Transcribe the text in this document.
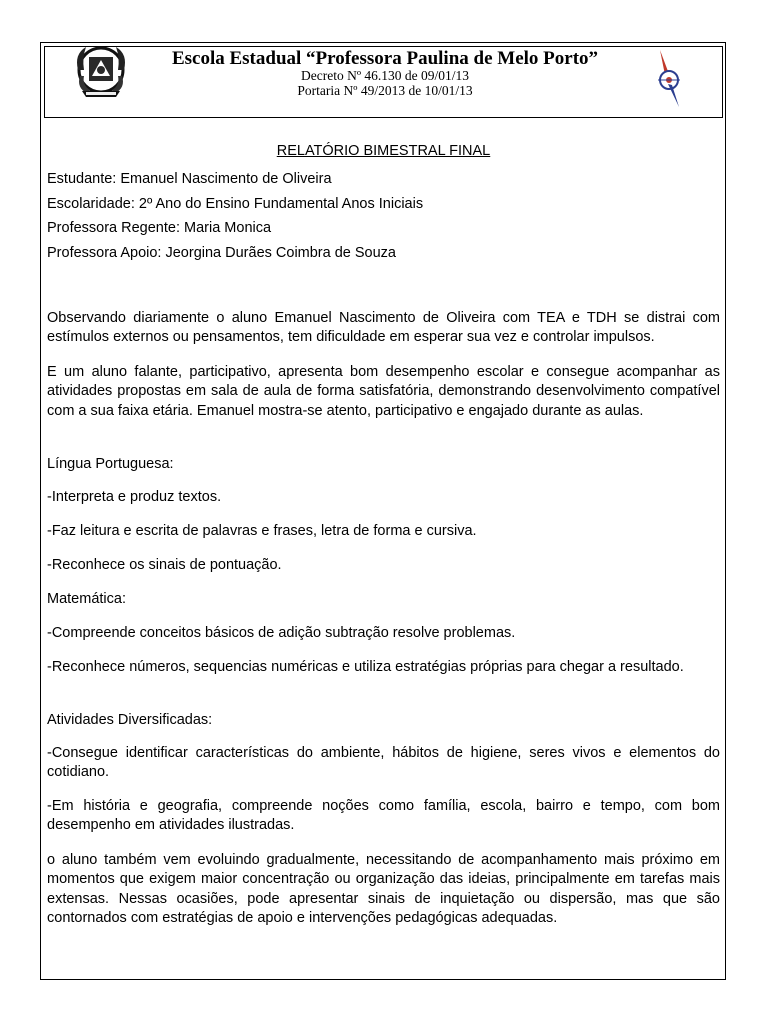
Escola Estadual “Professora Paulina de Melo Porto”
Decreto Nº 46.130 de 09/01/13
Portaria Nº 49/2013 de 10/01/13
RELATÓRIO BIMESTRAL FINAL
Estudante: Emanuel Nascimento de Oliveira
Escolaridade: 2º Ano do Ensino Fundamental Anos Iniciais
Professora Regente: Maria Monica
Professora Apoio: Jeorgina Durães Coimbra de Souza
Observando diariamente o aluno Emanuel Nascimento de Oliveira com TEA e TDH se distrai com estímulos externos ou pensamentos, tem dificuldade em esperar sua vez e controlar impulsos.
E um aluno falante, participativo, apresenta bom desempenho escolar e consegue acompanhar as atividades propostas em sala de aula de forma satisfatória, demonstrando desenvolvimento compatível com a sua faixa etária. Emanuel mostra-se atento, participativo e engajado durante as aulas.
Língua Portuguesa:
-Interpreta e produz textos.
-Faz leitura e escrita de palavras e frases, letra de forma e cursiva.
-Reconhece os sinais de pontuação.
Matemática:
-Compreende conceitos básicos de adição subtração resolve problemas.
-Reconhece números, sequencias numéricas e utiliza estratégias próprias para chegar a resultado.
Atividades Diversificadas:
-Consegue identificar características do ambiente, hábitos de higiene, seres vivos e elementos do cotidiano.
-Em história e geografia, compreende noções como família, escola, bairro e tempo, com bom desempenho em atividades ilustradas.
o aluno também vem evoluindo gradualmente, necessitando de acompanhamento mais próximo em momentos que exigem maior concentração ou organização das ideias, principalmente em tarefas mais extensas. Nessas ocasiões, pode apresentar sinais de inquietação ou dispersão, mas que são contornados com estratégias de apoio e intervenções pedagógicas adequadas.
